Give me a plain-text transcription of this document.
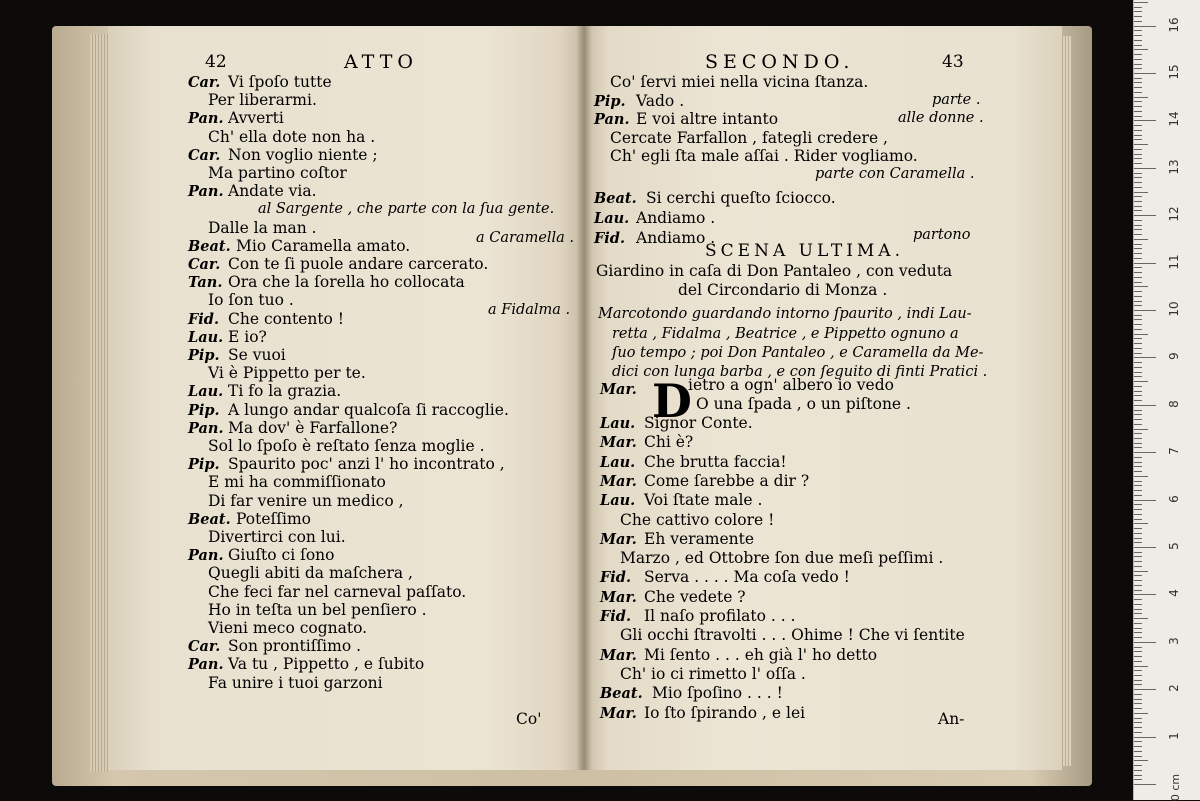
42	ATTO
Car. Vi ſpoſo tutte
Per liberarmi.
Pan. Avverti
Ch' ella dote non ha .
Car. Non voglio niente ;
Ma partino coſtor
Pan. Andate via.
al Sargente , che parte con la ſua gente.
Dalle la man .
Beat. Mio Caramella amato.
Car. Con te ſi puole andare carcerato.
Tan. Ora che la ſorella ho collocata
Io ſon tuo .
Fid. Che contento !
Lau. E io?
Pip. Se vuoi
Vi è Pippetto per te.
Lau. Ti fo la grazia.
Pip. A lungo andar qualcoſa ſi raccoglie.
Pan. Ma dov' è Farfallone?
Sol lo ſpoſo è reſtato ſenza moglie .
Pip. Spaurito poc' anzi l' ho incontrato ,
E mi ha commiſſionato
Di far venire un medico ,
Beat. Poteſſimo
Divertirci con lui.
Pan. Giuſto ci ſono
Quegli abiti da maſchera ,
Che feci far nel carneval paſſato.
Ho in teſta un bel penſiero .
Vieni meco cognato.
Car. Son prontiſſimo .
Pan. Va tu , Pippetto , e ſubito
Fa unire i tuoi garzoni
a Caramella .
a Fidalma .
Co'
SECONDO.	43
Co' ſervi miei nella vicina ſtanza.
Pip. Vado .
Pan. E voi altre intanto
Cercate Farfallon , fategli credere ,
Ch' egli ſta male aſſai . Rider vogliamo.
Beat. Si cerchi queſto ſciocco.
Lau. Andiamo .
Fid. Andiamo .
parte .
alle donne .
parte con Caramella .
partono
SCENA ULTIMA.
Giardino in caſa di Don Pantaleo , con veduta
del Circondario di Monza .
Marcotondo guardando intorno ſpaurito , indi Lau-
retta , Fidalma , Beatrice , e Pippetto ognuno a
ſuo tempo ; poi Don Pantaleo , e Caramella da Me-
dici con lunga barba , e con ſeguito di finti Pratici .
Mar. D
ietro a ogn' albero io vedo
O una ſpada , o un piſtone .
Lau. Signor Conte.
Mar. Chi è?
Lau. Che brutta faccia!
Mar. Come ſarebbe a dir ?
Lau. Voi ſtate male .
Che cattivo colore !
Mar. Eh veramente
Marzo , ed Ottobre ſon due meſi peſſimi .
Fid. Serva . . . . Ma coſa vedo !
Mar. Che vedete ?
Fid. Il naſo profilato . . .
Gli occhi ſtravolti . . . Ohime ! Che vi ſentite
Mar. Mi ſento . . . eh già l' ho detto
Ch' io ci rimetto l' oſſa .
Beat. Mio ſpoſino . . . !
Mar. Io ſto ſpirando , e lei	An-
1
2
3
4
5
6
7
8
9
10
11
12
13
14
15
16
0 cm
